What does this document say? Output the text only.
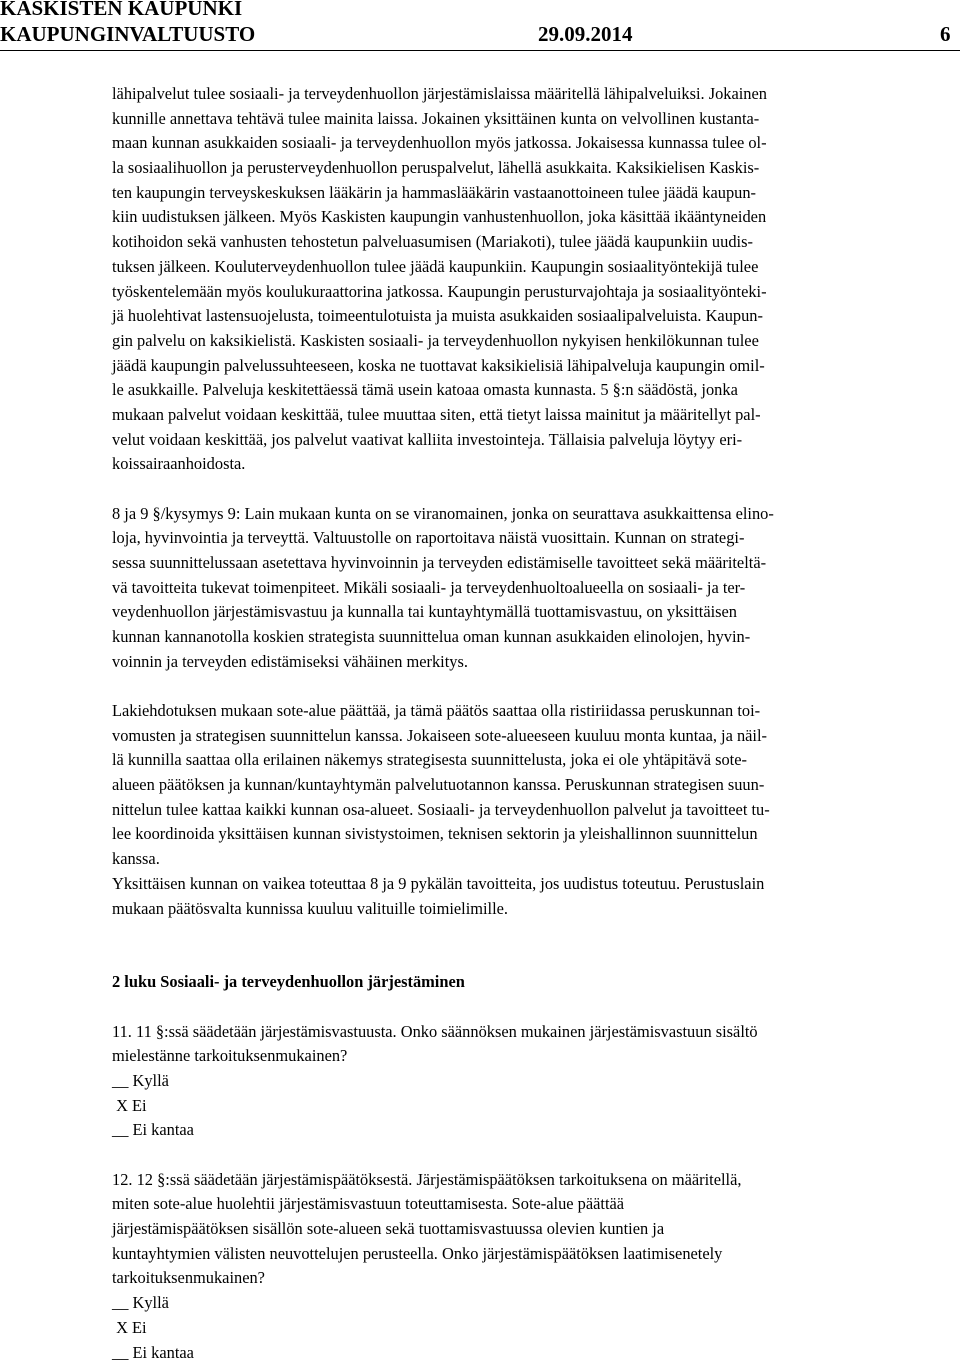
KASKISTEN KAUPUNKI
KAUPUNGINVALTUUSTO	29.09.2014	6
lähipalvelut tulee sosiaali- ja terveydenhuollon järjestämislaissa määritellä lähipalveluiksi. Jokainen
kunnille annettava tehtävä tulee mainita laissa. Jokainen yksittäinen kunta on velvollinen kustanta-
maan kunnan asukkaiden sosiaali- ja terveydenhuollon myös jatkossa. Jokaisessa kunnassa tulee ol-
la sosiaalihuollon ja perusterveydenhuollon peruspalvelut, lähellä asukkaita. Kaksikielisen Kaskis-
ten kaupungin terveyskeskuksen lääkärin ja hammaslääkärin vastaanottoineen tulee jäädä kaupun-
kiin uudistuksen jälkeen. Myös Kaskisten kaupungin vanhustenhuollon, joka käsittää ikääntyneiden
kotihoidon sekä vanhusten tehostetun palveluasumisen (Mariakoti), tulee jäädä kaupunkiin uudis-
tuksen jälkeen. Kouluterveydenhuollon tulee jäädä kaupunkiin. Kaupungin sosiaalityöntekijä tulee
työskentelemään myös koulukuraattorina jatkossa. Kaupungin perusturvajohtaja ja sosiaalityönteki-
jä huolehtivat lastensuojelusta, toimeentulotuista ja muista asukkaiden sosiaalipalveluista. Kaupun-
gin palvelu on kaksikielistä. Kaskisten sosiaali- ja terveydenhuollon nykyisen henkilökunnan tulee
jäädä kaupungin palvelussuhteeseen, koska ne tuottavat kaksikielisiä lähipalveluja kaupungin omil-
le asukkaille. Palveluja keskitettäessä tämä usein katoaa omasta kunnasta. 5 §:n säädöstä, jonka
mukaan palvelut voidaan keskittää, tulee muuttaa siten, että tietyt laissa mainitut ja määritellyt pal-
velut voidaan keskittää, jos palvelut vaativat kalliita investointeja. Tällaisia palveluja löytyy eri-
koissairaanhoidosta.
8 ja 9 §/kysymys 9: Lain mukaan kunta on se viranomainen, jonka on seurattava asukkaittensa elino-
loja, hyvinvointia ja terveyttä. Valtuustolle on raportoitava näistä vuosittain. Kunnan on strategi-
sessa suunnittelussaan asetettava hyvinvoinnin ja terveyden edistämiselle tavoitteet sekä määriteltä-
vä tavoitteita tukevat toimenpiteet. Mikäli sosiaali- ja terveydenhuoltoalueella on sosiaali- ja ter-
veydenhuollon järjestämisvastuu ja kunnalla tai kuntayhtymällä tuottamisvastuu, on yksittäisen
kunnan kannanotolla koskien strategista suunnittelua oman kunnan asukkaiden elinolojen, hyvin-
voinnin ja terveyden edistämiseksi vähäinen merkitys.
Lakiehdotuksen mukaan sote-alue päättää, ja tämä päätös saattaa olla ristiriidassa peruskunnan toi-
vomusten ja strategisen suunnittelun kanssa. Jokaiseen sote-alueeseen kuuluu monta kuntaa, ja näil-
lä kunnilla saattaa olla erilainen näkemys strategisesta suunnittelusta, joka ei ole yhtäpitävä sote-
alueen päätöksen ja kunnan/kuntayhtymän palvelutuotannon kanssa. Peruskunnan strategisen suun-
nittelun tulee kattaa kaikki kunnan osa-alueet. Sosiaali- ja terveydenhuollon palvelut ja tavoitteet tu-
lee koordinoida yksittäisen kunnan sivistystoimen, teknisen sektorin ja yleishallinnon suunnittelun
kanssa.
Yksittäisen kunnan on vaikea toteuttaa 8 ja 9 pykälän tavoitteita, jos uudistus toteutuu. Perustuslain
mukaan päätösvalta kunnissa kuuluu valituille toimielimille.
2 luku Sosiaali- ja terveydenhuollon järjestäminen
11. 11 §:ssä säädetään järjestämisvastuusta. Onko säännöksen mukainen järjestämisvastuun sisältö
mielestänne tarkoituksenmukainen?
__ Kyllä
X Ei
__ Ei kantaa
12. 12 §:ssä säädetään järjestämispäätöksestä. Järjestämispäätöksen tarkoituksena on määritellä,
miten sote-alue huolehtii järjestämisvastuun toteuttamisesta. Sote-alue päättää
järjestämispäätöksen sisällön sote-alueen sekä tuottamisvastuussa olevien kuntien ja
kuntayhtymien välisten neuvottelujen perusteella. Onko järjestämispäätöksen laatimisenetely
tarkoituksenmukainen?
__ Kyllä
X Ei
__ Ei kantaa
